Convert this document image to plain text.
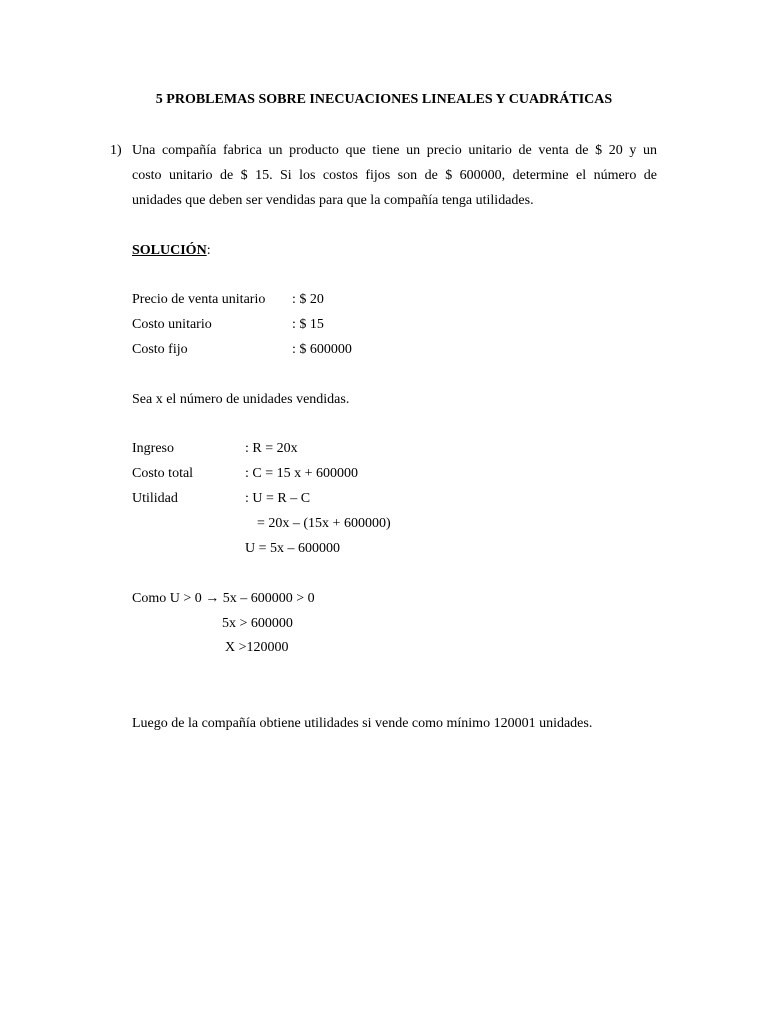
5 PROBLEMAS SOBRE INECUACIONES LINEALES Y CUADRÁTICAS
1) Una compañía fabrica un producto que tiene un precio unitario de venta de $ 20 y un
costo unitario de $ 15. Si los costos fijos son de $ 600000, determine el número de
unidades que deben ser vendidas para que la compañía tenga utilidades.
SOLUCIÓN:
Precio de venta unitario : $ 20
Costo unitario	: $ 15
Costo fijo	: $ 600000
Sea x el número de unidades vendidas.
Ingreso	: R = 20x
Costo total	: C = 15 x + 600000
Utilidad	: U = R – C
= 20x – (15x + 600000)
U = 5x – 600000
Como U > 0 → 5x – 600000 > 0
5x > 600000
X >120000
Luego de la compañía obtiene utilidades si vende como mínimo 120001 unidades.
